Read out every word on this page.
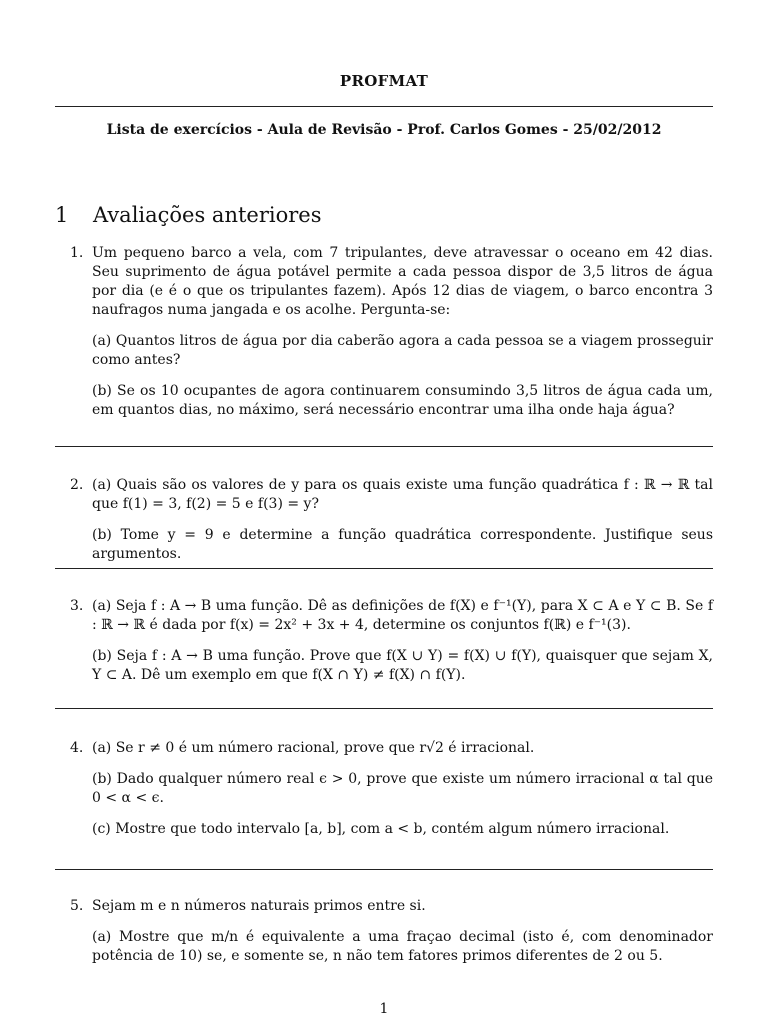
PROFMAT
Lista de exercícios - Aula de Revisão - Prof. Carlos Gomes - 25/02/2012
1 Avaliações anteriores
1. Um pequeno barco a vela, com 7 tripulantes, deve atravessar o oceano em 42 dias. Seu suprimento de água potável permite a cada pessoa dispor de 3,5 litros de água por dia (e é o que os tripulantes fazem). Após 12 dias de viagem, o barco encontra 3 naufragos numa jangada e os acolhe. Pergunta-se:

(a) Quantos litros de água por dia caberão agora a cada pessoa se a viagem prosseguir como antes?

(b) Se os 10 ocupantes de agora continuarem consumindo 3,5 litros de água cada um, em quantos dias, no máximo, será necessário encontrar uma ilha onde haja água?

2. (a) Quais são os valores de y para os quais existe uma função quadrática f : ℝ → ℝ tal que f(1) = 3, f(2) = 5 e f(3) = y?

(b) Tome y = 9 e determine a função quadrática correspondente. Justifique seus argumentos.

3. (a) Seja f : A → B uma função. Dê as definições de f(X) e f⁻¹(Y), para X ⊂ A e Y ⊂ B. Se f : ℝ → ℝ é dada por f(x) = 2x² + 3x + 4, determine os conjuntos f(ℝ) e f⁻¹(3).

(b) Seja f : A → B uma função. Prove que f(X ∪ Y) = f(X) ∪ f(Y), quaisquer que sejam X, Y ⊂ A. Dê um exemplo em que f(X ∩ Y) ≠ f(X) ∩ f(Y).

4. (a) Se r ≠ 0 é um número racional, prove que r√2 é irracional.

(b) Dado qualquer número real ϵ > 0, prove que existe um número irracional α tal que 0 < α < ϵ.

(c) Mostre que todo intervalo [a, b], com a < b, contém algum número irracional.

5. Sejam m e n números naturais primos entre si.

(a) Mostre que m/n é equivalente a uma fraçao decimal (isto é, com denominador potência de 10) se, e somente se, n não tem fatores primos diferentes de 2 ou 5.

1
